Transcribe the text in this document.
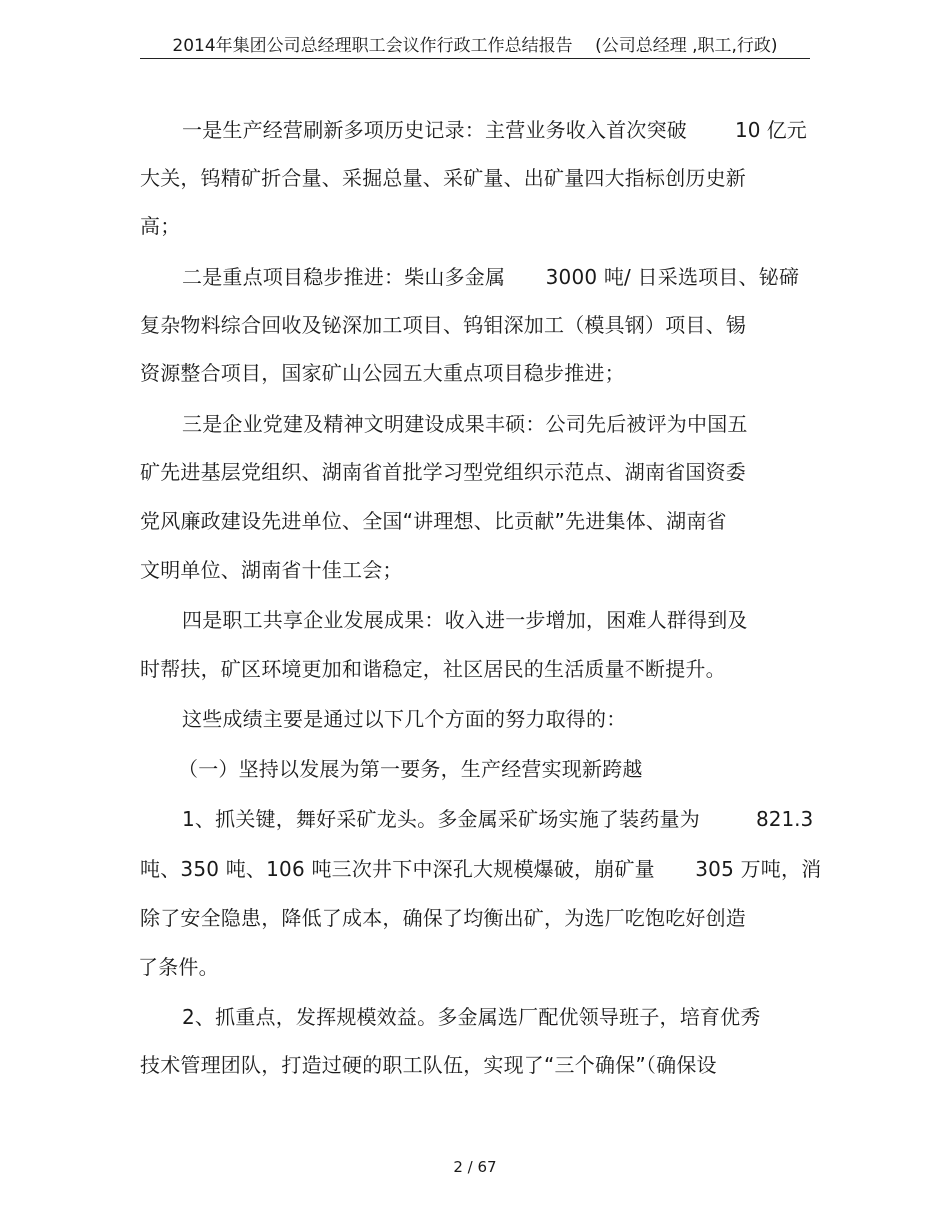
2014年集团公司总经理职工会议作行政工作总结报告　 (公司总经理 ,职工,行政)
一是生产经营刷新多项历史记录：主营业务收入首次突破 10 亿元
大关，钨精矿折合量、采掘总量、采矿量、出矿量四大指标创历史新
高；
二是重点项目稳步推进：柴山多金属　　3000 吨/ 日采选项目、铋碲
复杂物料综合回收及铋深加工项目、钨钼深加工（模具钢）项目、锡
资源整合项目，国家矿山公园五大重点项目稳步推进；
三是企业党建及精神文明建设成果丰硕：公司先后被评为中国五
矿先进基层党组织、湖南省首批学习型党组织示范点、湖南省国资委
党风廉政建设先进单位、全国“讲理想、比贡献”先进集体、湖南省
文明单位、湖南省十佳工会；
四是职工共享企业发展成果：收入进一步增加，困难人群得到及
时帮扶，矿区环境更加和谐稳定，社区居民的生活质量不断提升。
这些成绩主要是通过以下几个方面的努力取得的：
（一）坚持以发展为第一要务，生产经营实现新跨越
1、抓关键，舞好采矿龙头。多金属采矿场实施了装药量为	821.3
吨、350 吨、106 吨三次井下中深孔大规模爆破，崩矿量　　305 万吨，消
除了安全隐患，降低了成本，确保了均衡出矿，为选厂吃饱吃好创造
了条件。
2、抓重点，发挥规模效益。多金属选厂配优领导班子，培育优秀
技术管理团队，打造过硬的职工队伍，实现了“三个确保”（确保设
2 / 67
